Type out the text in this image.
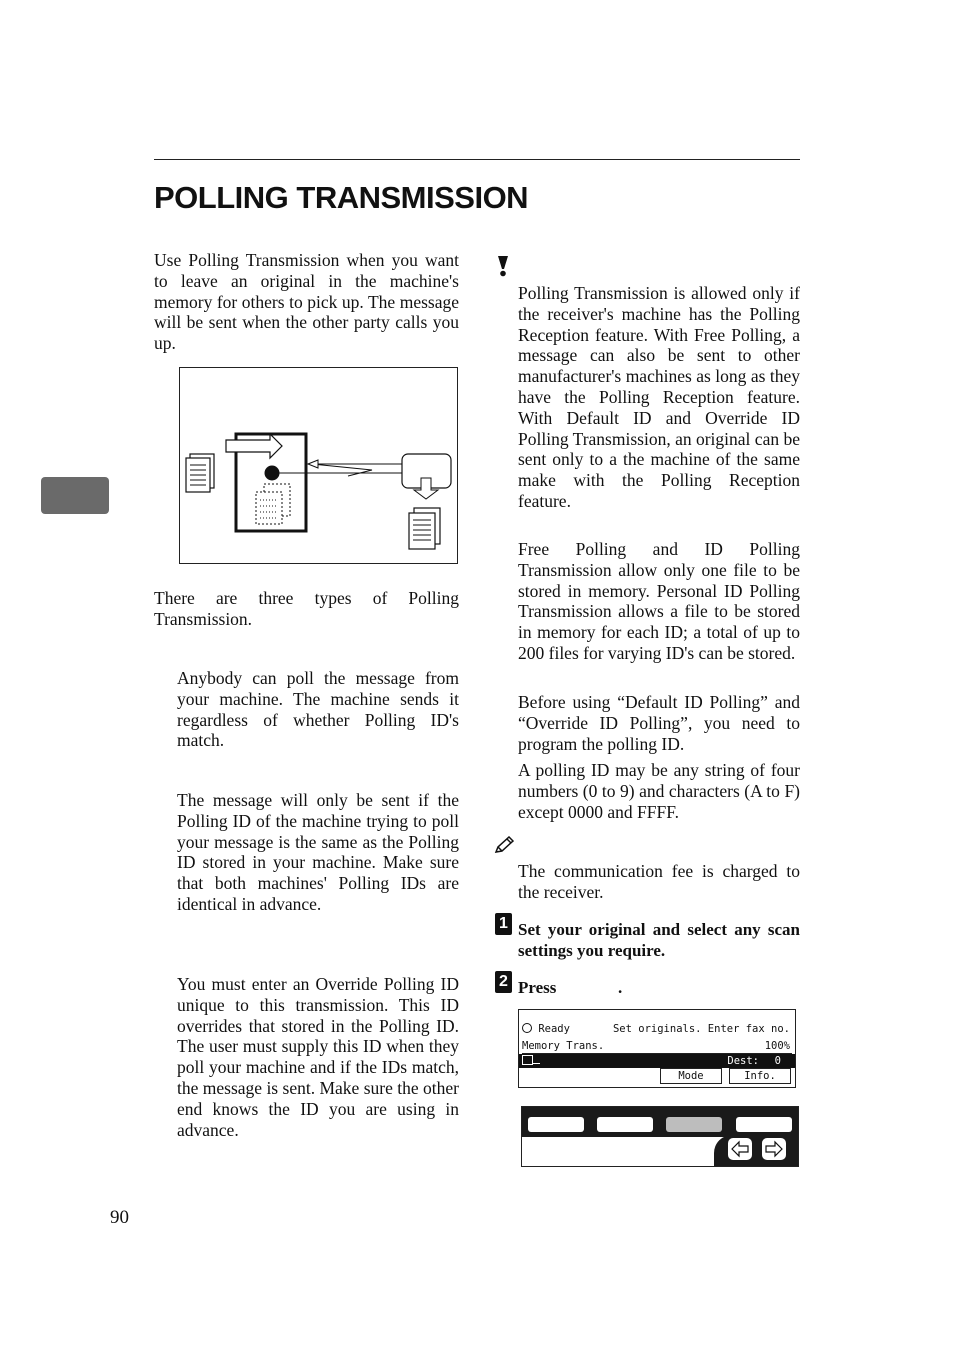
POLLING TRANSMISSION

Use Polling Transmission when you want to leave an original in the machine's memory for others to pick up. The message will be sent when the other party calls you up.

There are three types of Polling Transmission.

Anybody can poll the message from your machine. The machine sends it regardless of whether Polling ID's match.

The message will only be sent if the Polling ID of the machine trying to poll your message is the same as the Polling ID stored in your machine. Make sure that both machines' Polling IDs are identical in advance.

You must enter an Override Polling ID unique to this transmission. This ID overrides that stored in the Polling ID. The user must supply this ID when they poll your machine and if the IDs match, the message is sent. Make sure the other end knows the ID you are using in advance.

Polling Transmission is allowed only if the receiver's machine has the Polling Reception feature. With Free Polling, a message can also be sent to other manufacturer's machines as long as they have the Polling Reception feature. With Default ID and Override ID Polling Transmission, an original can be sent only to a the machine of the same make with the Polling Reception feature.

Free Polling and ID Polling Transmission allow only one file to be stored in memory. Personal ID Polling Transmission allows a file to be stored in memory for each ID; a total of up to 200 files for varying ID's can be stored.

Before using “Default ID Polling” and “Override ID Polling”, you need to program the polling ID.

A polling ID may be any string of four numbers (0 to 9) and characters (A to F) except 0000 and FFFF.

The communication fee is charged to the receiver.

1 Set your original and select any scan settings you require.

2 Press	.

Ready	Set originals. Enter fax no.
Memory Trans.	100%
Dest: 0
Mode	Info.
90
